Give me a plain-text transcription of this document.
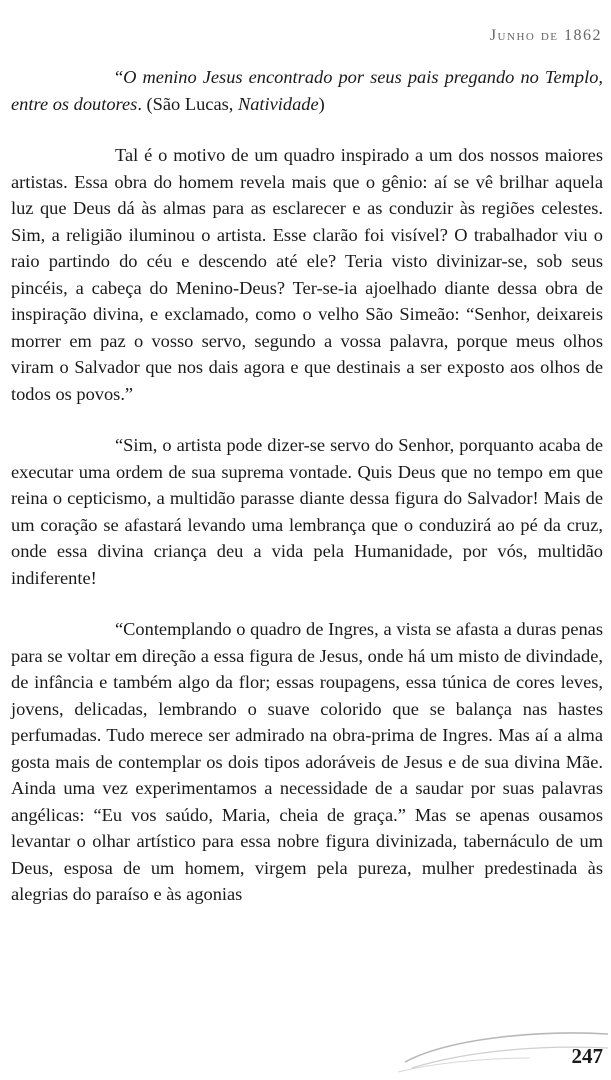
Junho de 1862

“O menino Jesus encontrado por seus pais pregando no Templo, entre os doutores. (São Lucas, Natividade)

Tal é o motivo de um quadro inspirado a um dos nossos maiores artistas. Essa obra do homem revela mais que o gênio: aí se vê brilhar aquela luz que Deus dá às almas para as esclarecer e as conduzir às regiões celestes. Sim, a religião iluminou o artista. Esse clarão foi visível? O trabalhador viu o raio partindo do céu e descendo até ele? Teria visto divinizar-se, sob seus pincéis, a cabeça do Menino-Deus? Ter-se-ia ajoelhado diante dessa obra de inspiração divina, e exclamado, como o velho São Simeão: “Senhor, deixareis morrer em paz o vosso servo, segundo a vossa palavra, porque meus olhos viram o Salvador que nos dais agora e que destinais a ser exposto aos olhos de todos os povos.”

“Sim, o artista pode dizer-se servo do Senhor, porquanto acaba de executar uma ordem de sua suprema vontade. Quis Deus que no tempo em que reina o cepticismo, a multidão parasse diante dessa figura do Salvador! Mais de um coração se afastará levando uma lembrança que o conduzirá ao pé da cruz, onde essa divina criança deu a vida pela Humanidade, por vós, multidão indiferente!

“Contemplando o quadro de Ingres, a vista se afasta a duras penas para se voltar em direção a essa figura de Jesus, onde há um misto de divindade, de infância e também algo da flor; essas roupagens, essa túnica de cores leves, jovens, delicadas, lembrando o suave colorido que se balança nas hastes perfumadas. Tudo merece ser admirado na obra-prima de Ingres. Mas aí a alma gosta mais de contemplar os dois tipos adoráveis de Jesus e de sua divina Mãe. Ainda uma vez experimentamos a necessidade de a saudar por suas palavras angélicas: “Eu vos saúdo, Maria, cheia de graça.” Mas se apenas ousamos levantar o olhar artístico para essa nobre figura divinizada, tabernáculo de um Deus, esposa de um homem, virgem pela pureza, mulher predestinada às alegrias do paraíso e às agonias

247
